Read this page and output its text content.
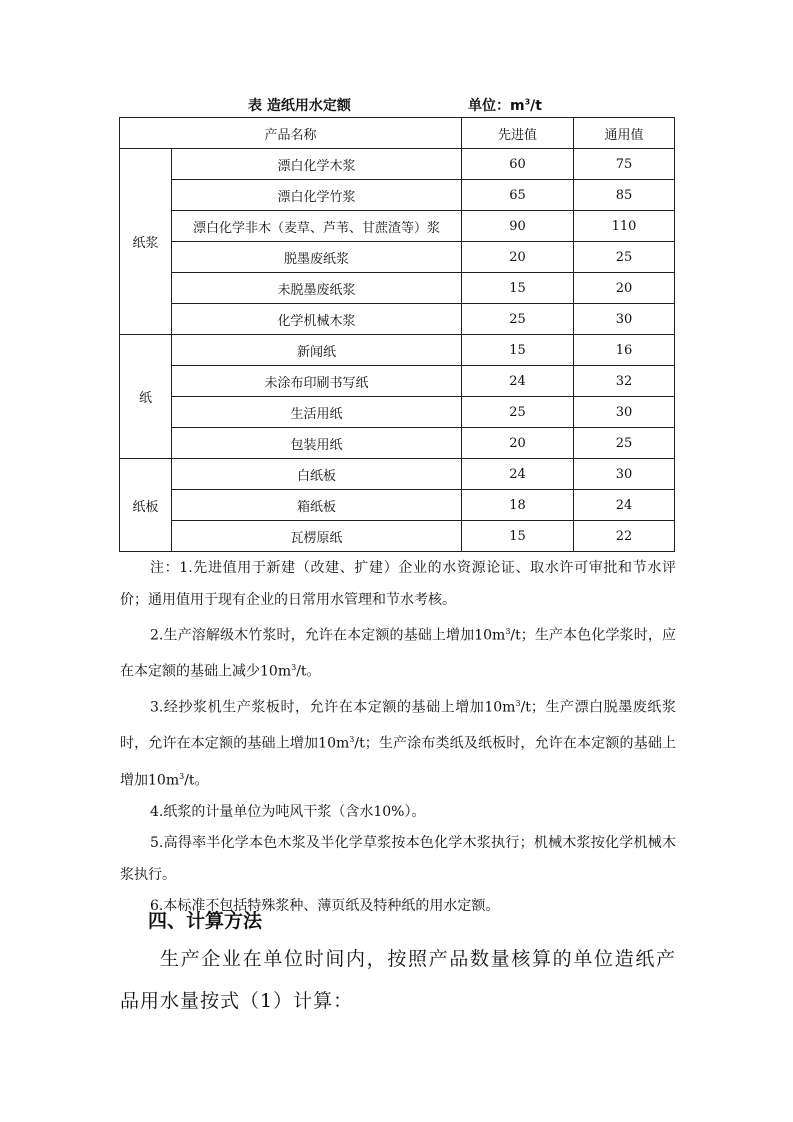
表 造纸用水定额	单位：$m^3/t$
产品名称		先进值	通用值
纸浆	漂白化学木浆	60	75
	漂白化学竹浆	65	85
	漂白化学非木（麦草、芦苇、甘蔗渣等）浆	90	110
	脱墨废纸浆	20	25
	未脱墨废纸浆	15	20
	化学机械木浆	25	30
纸	新闻纸	15	16
	未涂布印刷书写纸	24	32
	生活用纸	25	30
	包装用纸	20	25
纸板	白纸板	24	30
	箱纸板	18	24
	瓦楞原纸	15	22

注：1.先进值用于新建（改建、扩建）企业的水资源论证、取水许可审批和节水评价；通用值用于现有企业的日常用水管理和节水考核。

2.生产溶解级木竹浆时，允许在本定额的基础上增加$10m^3/t$；生产本色化学浆时，应在本定额的基础上减少$10m^3/t$。

3.经抄浆机生产浆板时，允许在本定额的基础上增加$10m^3/t$；生产漂白脱墨废纸浆时，允许在本定额的基础上增加$10m^3/t$；生产涂布类纸及纸板时，允许在本定额的基础上增加$10m^3/t$。

4.纸浆的计量单位为吨风干浆（含水10%）。

5.高得率半化学本色木浆及半化学草浆按本色化学木浆执行；机械木浆按化学机械木浆执行。

6.本标准不包括特殊浆种、薄页纸及特种纸的用水定额。

四、计算方法

生产企业在单位时间内，按照产品数量核算的单位造纸产品用水量按式（1）计算：
